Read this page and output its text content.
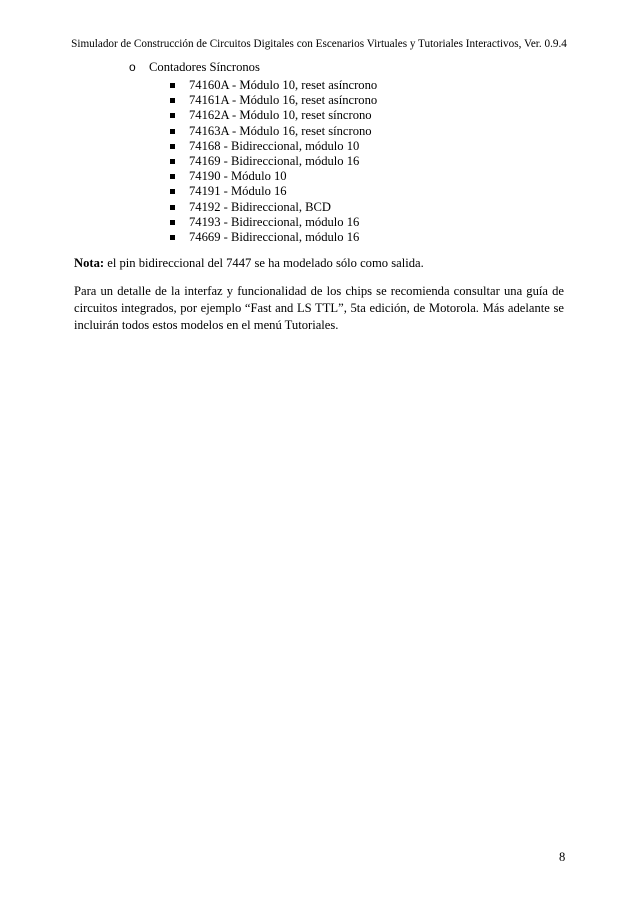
Simulador de Construcción de Circuitos Digitales con Escenarios Virtuales y Tutoriales Interactivos, Ver. 0.9.4
o Contadores Síncronos
74160A - Módulo 10, reset asíncrono
74161A - Módulo 16, reset asíncrono
74162A - Módulo 10, reset síncrono
74163A - Módulo 16, reset síncrono
74168 - Bidireccional, módulo 10
74169 - Bidireccional, módulo 16
74190 - Módulo 10
74191 - Módulo 16
74192 - Bidireccional, BCD
74193 - Bidireccional, módulo 16
74669 - Bidireccional, módulo 16

Nota: el pin bidireccional del 7447 se ha modelado sólo como salida.

Para un detalle de la interfaz y funcionalidad de los chips se recomienda consultar una guía de circuitos integrados, por ejemplo “Fast and LS TTL”, 5ta edición, de Motorola. Más adelante se incluirán todos estos modelos en el menú Tutoriales.

8
